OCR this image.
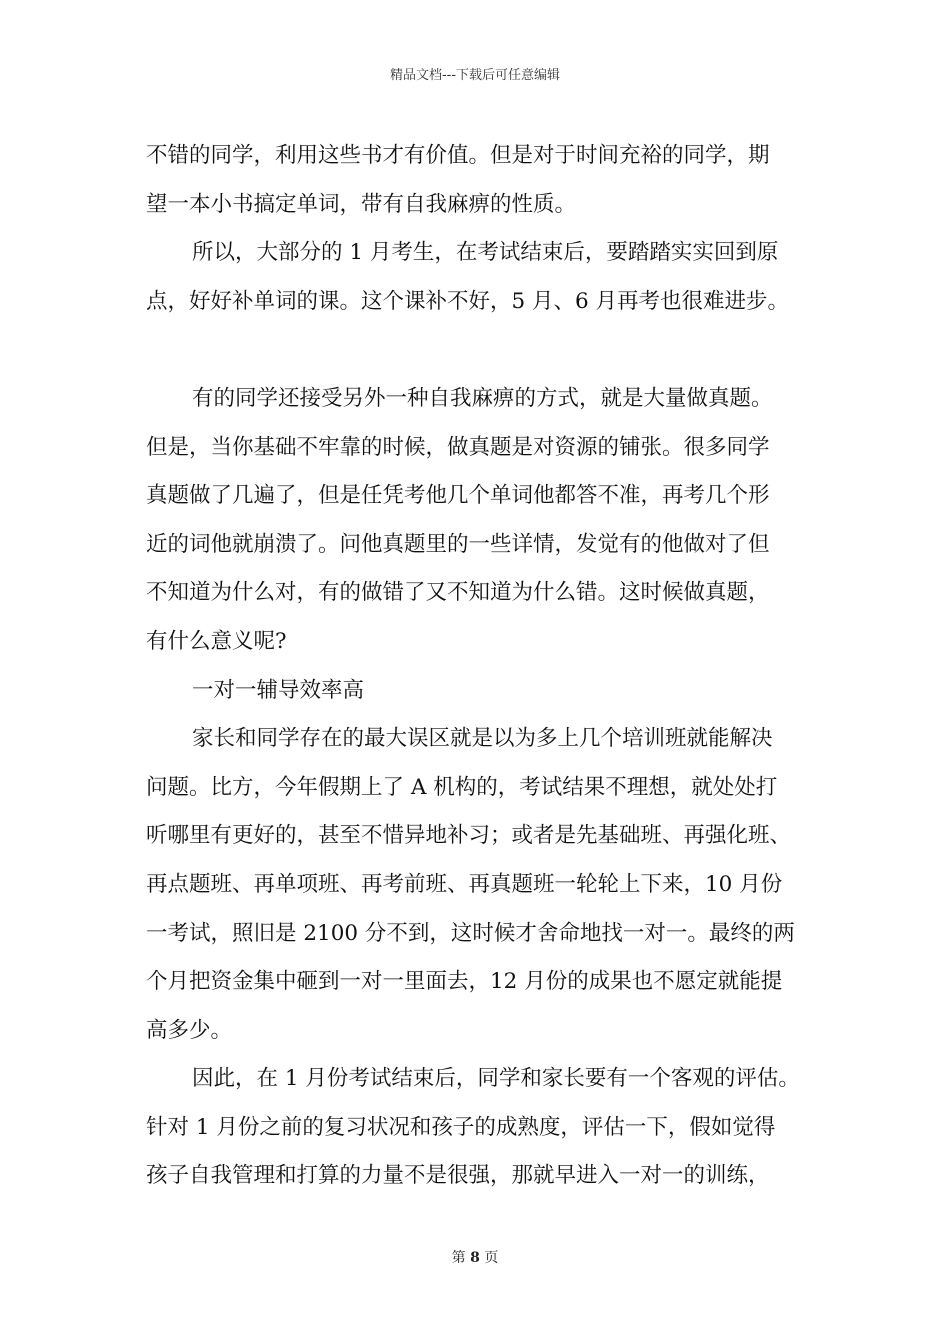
精品文档---下载后可任意编辑
不错的同学，利用这些书才有价值。但是对于时间充裕的同学，期
望一本小书搞定单词，带有自我麻痹的性质。
所以，大部分的 1 月考生，在考试结束后，要踏踏实实回到原
点，好好补单词的课。这个课补不好，5 月、6 月再考也很难进步。
有的同学还接受另外一种自我麻痹的方式，就是大量做真题。
但是，当你基础不牢靠的时候，做真题是对资源的铺张。很多同学
真题做了几遍了，但是任凭考他几个单词他都答不准，再考几个形
近的词他就崩溃了。问他真题里的一些详情，发觉有的他做对了但
不知道为什么对，有的做错了又不知道为什么错。这时候做真题，
有什么意义呢?
一对一辅导效率高
家长和同学存在的最大误区就是以为多上几个培训班就能解决
问题。比方，今年假期上了 A 机构的，考试结果不理想，就处处打
听哪里有更好的，甚至不惜异地补习；或者是先基础班、再强化班、
再点题班、再单项班、再考前班、再真题班一轮轮上下来，10 月份
一考试，照旧是 2100 分不到，这时候才舍命地找一对一。最终的两
个月把资金集中砸到一对一里面去，12 月份的成果也不愿定就能提
高多少。
因此，在 1 月份考试结束后，同学和家长要有一个客观的评估。
针对 1 月份之前的复习状况和孩子的成熟度，评估一下，假如觉得
孩子自我管理和打算的力量不是很强，那就早进入一对一的训练，
第 8 页
